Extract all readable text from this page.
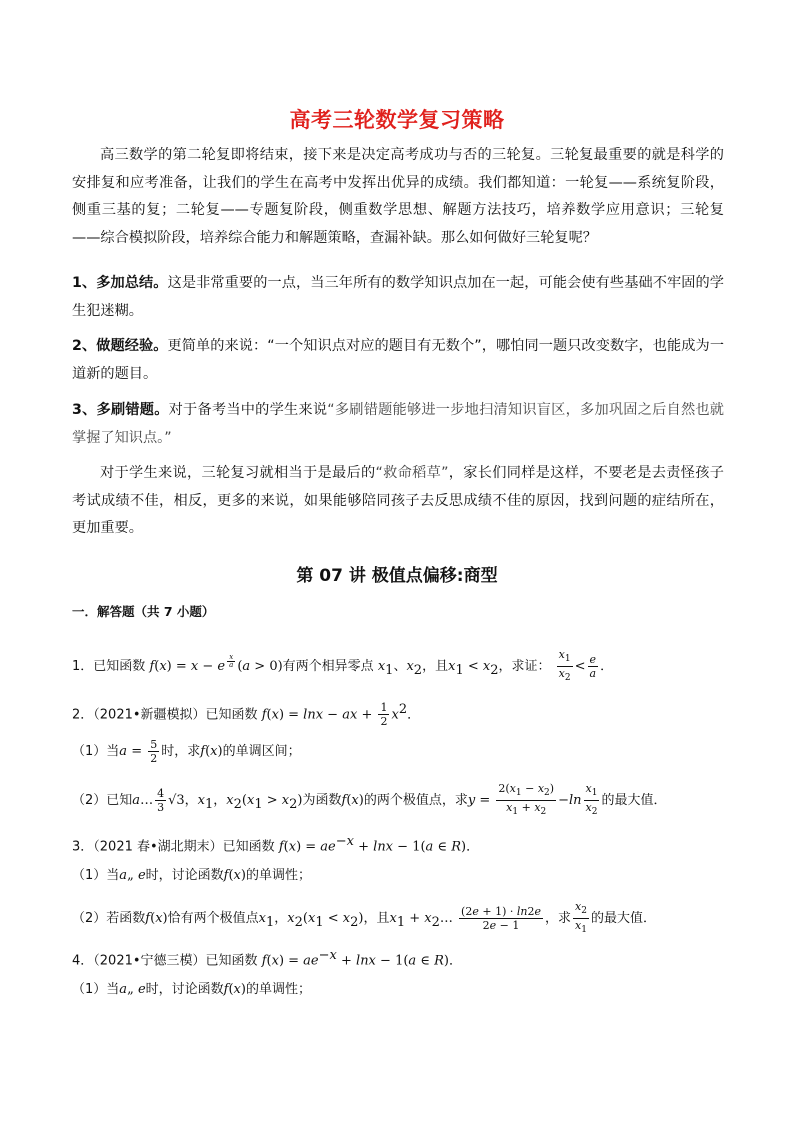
高考三轮数学复习策略

高三数学的第二轮复即将结束，接下来是决定高考成功与否的三轮复。三轮复最重要的就是科学的安排复和应考准备，让我们的学生在高考中发挥出优异的成绩。我们都知道：一轮复——系统复阶段，侧重三基的复；二轮复——专题复阶段，侧重数学思想、解题方法技巧，培养数学应用意识；三轮复——综合模拟阶段，培养综合能力和解题策略，查漏补缺。那么如何做好三轮复呢？

1、多加总结。这是非常重要的一点，当三年所有的数学知识点加在一起，可能会使有些基础不牢固的学生犯迷糊。

2、做题经验。更简单的来说：“一个知识点对应的题目有无数个”，哪怕同一题只改变数字，也能成为一道新的题目。

3、多刷错题。对于备考当中的学生来说“多刷错题能够进一步地扫清知识盲区，多加巩固之后自然也就掌握了知识点。”

对于学生来说，三轮复习就相当于是最后的“救命稻草”，家长们同样是这样，不要老是去责怪孩子考试成绩不佳，相反，更多的来说，如果能够陪同孩子去反思成绩不佳的原因，找到问题的症结所在，更加重要。

第 07 讲 极值点偏移:商型
一．解答题（共 7 小题）
1．已知函数 f(x) = x − e $^{\frac{x}{a}}$ (a > 0)有两个相异零点 $x_1$、$x_2$，且$x_1 < x_2$，求证： $\frac{x_1}{x_2} < \frac{e}{a}$ ．
2．（2021•新疆模拟）已知函数 f(x) = lnx − ax + $\frac{1}{2} x^2$．
（1）当$a = \frac{5}{2}$ 时，求f(x)的单调区间；
（2）已知a… $\frac{4}{3} √3$，$x_1$，$x_2(x_1 > x_2)$为函数f(x)的两个极值点，求$y = \frac{2(x_1 - x_2)}{x_1 + x_2} -\ln \frac{x_1}{x_2}$ 的最大值．
3．（2021 春•湖北期末）已知函数 $f(x) = ae^{-x} + \ln x - 1(a$ ∈ R)．
（1）当a„ e时，讨论函数f(x)的单调性；
（2）若函数f(x)恰有两个极值点$x_1$，$x_2(x_1 < x_2)$，且$x_1$ + $x_2\dots \frac{(2e + 1) \cdot \ln 2e}{2e - 1}$ ，求 $\frac{x_2}{x_1}$ 的最大值．
4．（2021•宁德三模）已知函数 $f(x) = ae^{-x} + \ln x - 1(a$ ∈ R)．
（1）当a„ e时，讨论函数f(x)的单调性；
